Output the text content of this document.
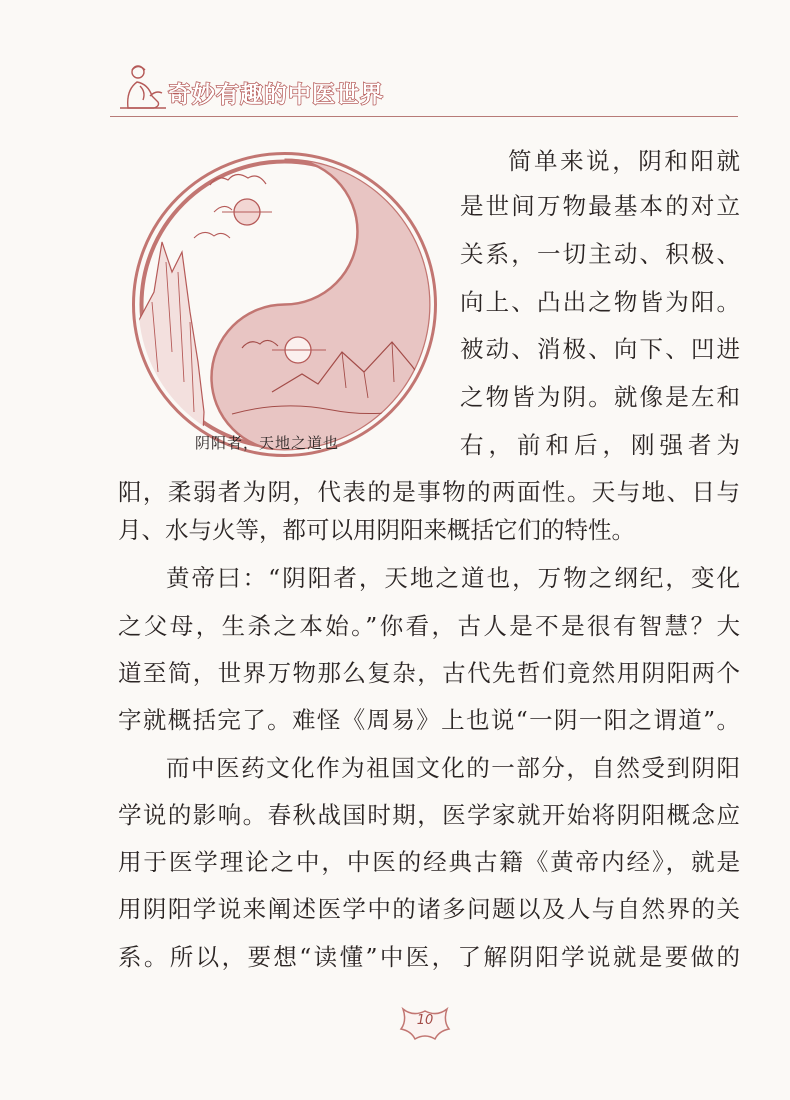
奇妙有趣的中医世界
阴阳者，天地之道也
简单来说，阴和阳就
是世间万物最基本的对立
关系，一切主动、积极、
向上、凸出之物皆为阳。
被动、消极、向下、凹进
之物皆为阴。就像是左和
右，前和后，刚强者为
阳，柔弱者为阴，代表的是事物的两面性。天与地、日与
月、水与火等，都可以用阴阳来概括它们的特性。
黄帝曰：“阴阳者，天地之道也，万物之纲纪，变化
之父母，生杀之本始。”你看，古人是不是很有智慧？大
道至简，世界万物那么复杂，古代先哲们竟然用阴阳两个
字就概括完了。难怪《周易》上也说“一阴一阳之谓道”。
而中医药文化作为祖国文化的一部分，自然受到阴阳
学说的影响。春秋战国时期，医学家就开始将阴阳概念应
用于医学理论之中，中医的经典古籍《黄帝内经》，就是
用阴阳学说来阐述医学中的诸多问题以及人与自然界的关
系。所以，要想“读懂”中医，了解阴阳学说就是要做的
10
